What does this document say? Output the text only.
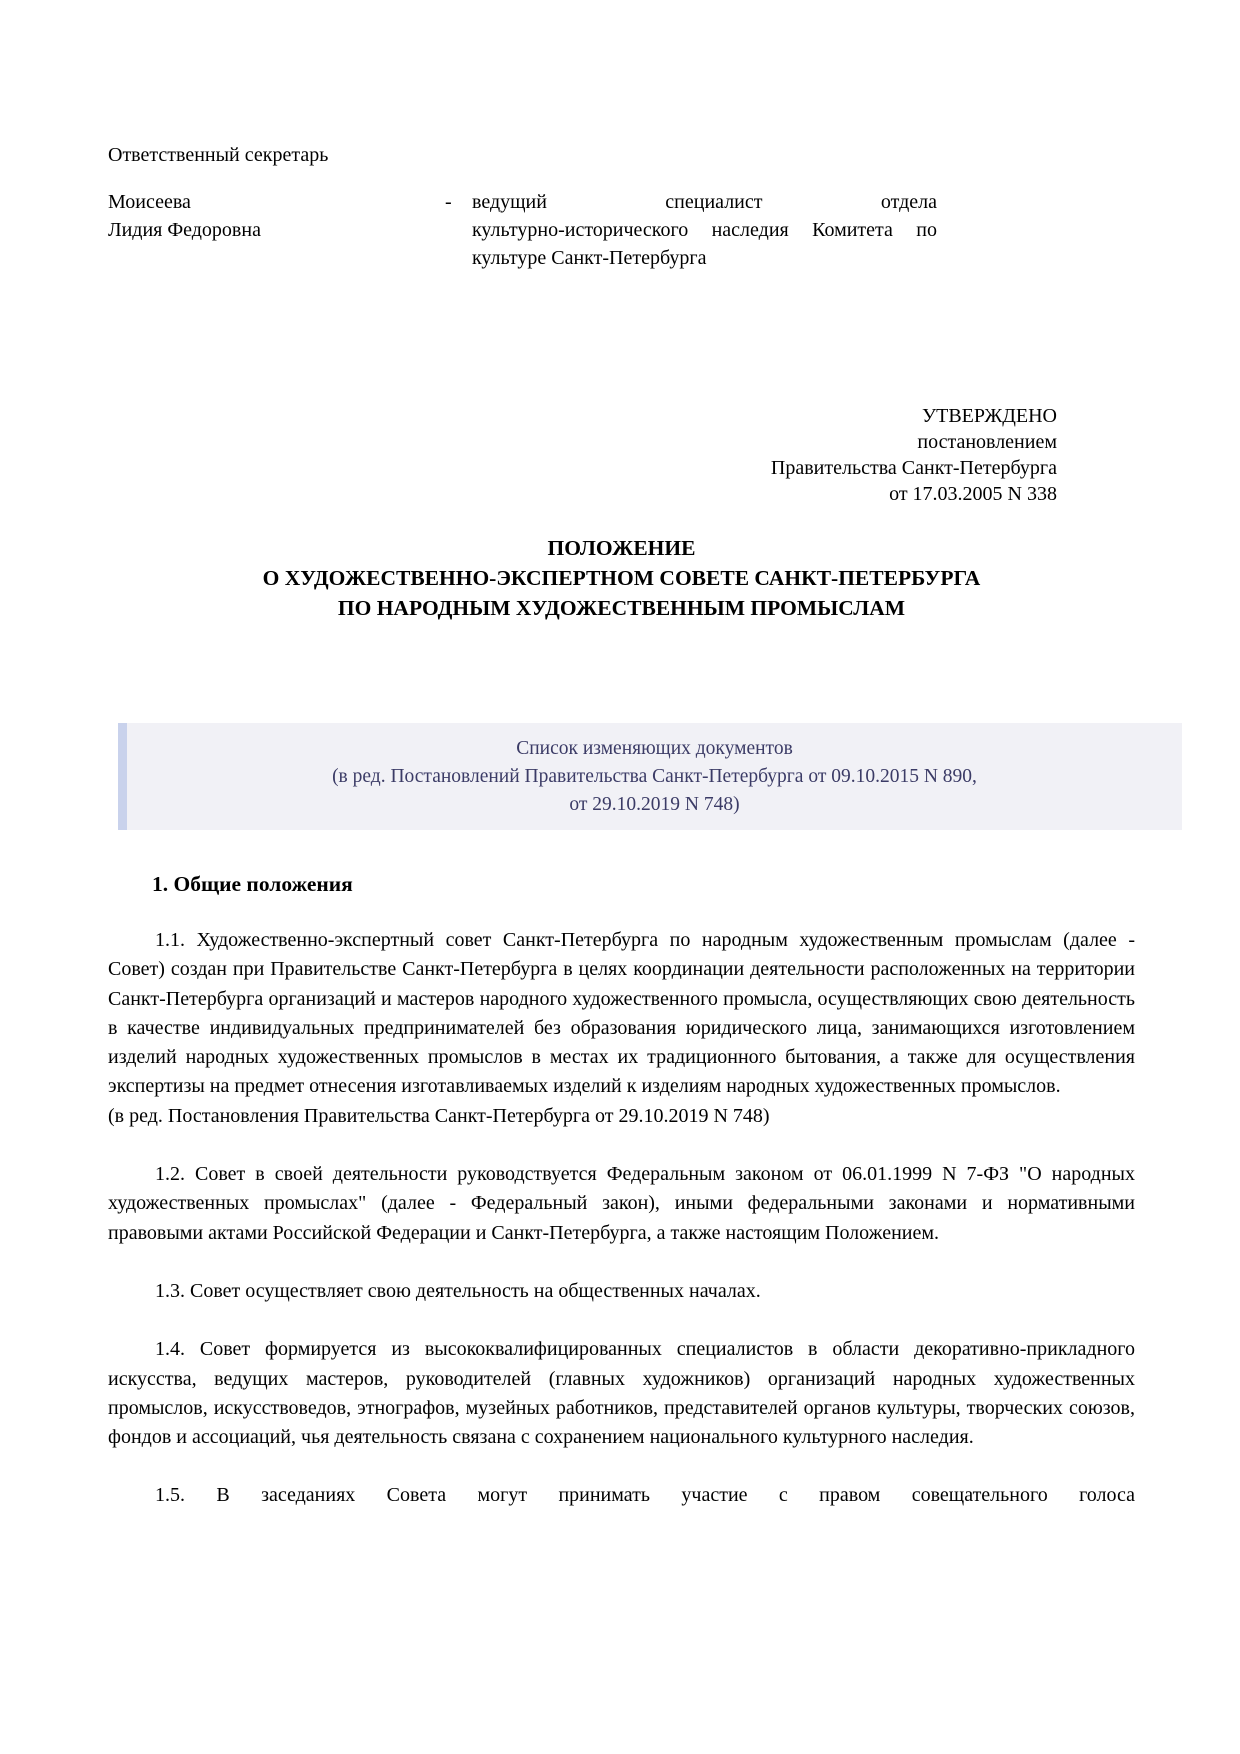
Ответственный секретарь
Моисеева
Лидия Федоровна
-	ведущий специалист отдела
культурно-исторического наследия Комитета по
культуре Санкт-Петербурга
УТВЕРЖДЕНО
постановлением
Правительства Санкт-Петербурга
от 17.03.2005 N 338
ПОЛОЖЕНИЕ
О ХУДОЖЕСТВЕННО-ЭКСПЕРТНОМ СОВЕТЕ САНКТ-ПЕТЕРБУРГА
ПО НАРОДНЫМ ХУДОЖЕСТВЕННЫМ ПРОМЫСЛАМ
Список изменяющих документов
(в ред. Постановлений Правительства Санкт-Петербурга от 09.10.2015 N 890,
от 29.10.2019 N 748)
1. Общие положения

1.1. Художественно-экспертный совет Санкт-Петербурга по народным художественным промыслам (далее - Совет) создан при Правительстве Санкт-Петербурга в целях координации деятельности расположенных на территории Санкт-Петербурга организаций и мастеров народного художественного промысла, осуществляющих свою деятельность в качестве индивидуальных предпринимателей без образования юридического лица, занимающихся изготовлением изделий народных художественных промыслов в местах их традиционного бытования, а также для осуществления экспертизы на предмет отнесения изготавливаемых изделий к изделиям народных художественных промыслов.

(в ред. Постановления Правительства Санкт-Петербурга от 29.10.2019 N 748)

1.2. Совет в своей деятельности руководствуется Федеральным законом от 06.01.1999 N 7-ФЗ "О народных художественных промыслах" (далее - Федеральный закон), иными федеральными законами и нормативными правовыми актами Российской Федерации и Санкт-Петербурга, а также настоящим Положением.

1.3. Совет осуществляет свою деятельность на общественных началах.

1.4. Совет формируется из высококвалифицированных специалистов в области декоративно-прикладного искусства, ведущих мастеров, руководителей (главных художников) организаций народных художественных промыслов, искусствоведов, этнографов, музейных работников, представителей органов культуры, творческих союзов, фондов и ассоциаций, чья деятельность связана с сохранением национального культурного наследия.

1.5. В заседаниях Совета могут принимать участие с правом совещательного голоса
